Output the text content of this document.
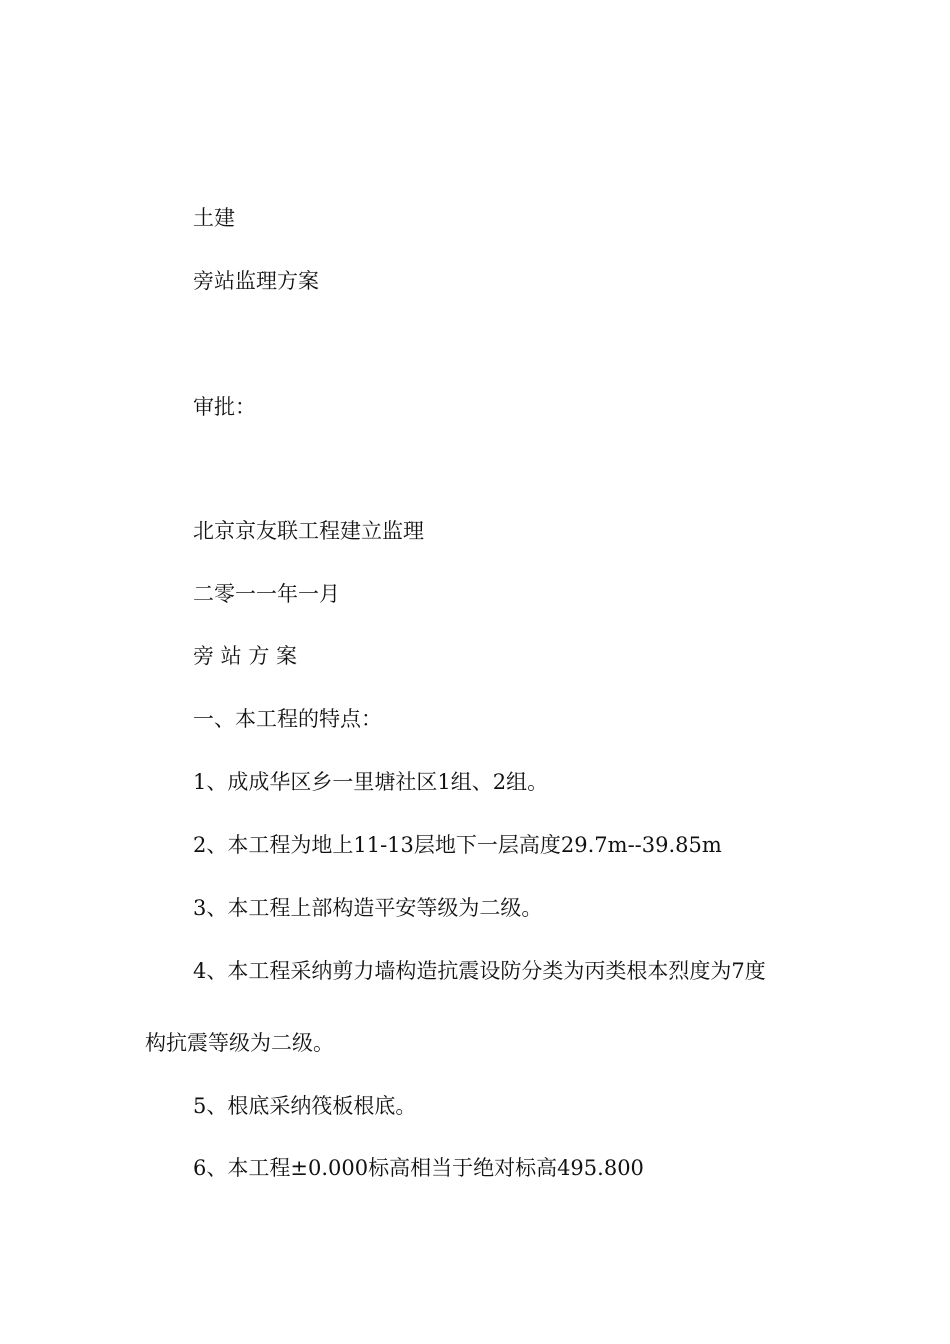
土建

旁站监理方案

审批：

北京京友联工程建立监理

二零一一年一月

旁 站 方 案

一、本工程的特点：

1、成成华区乡一里塘社区1组、2组。

2、本工程为地上11-13层地下一层高度29.7m--39.85m

3、本工程上部构造平安等级为二级。

4、本工程采纳剪力墙构造抗震设防分类为丙类根本烈度为7度

构抗震等级为二级。

5、根底采纳筏板根底。

6、本工程±0.000标高相当于绝对标高495.800
